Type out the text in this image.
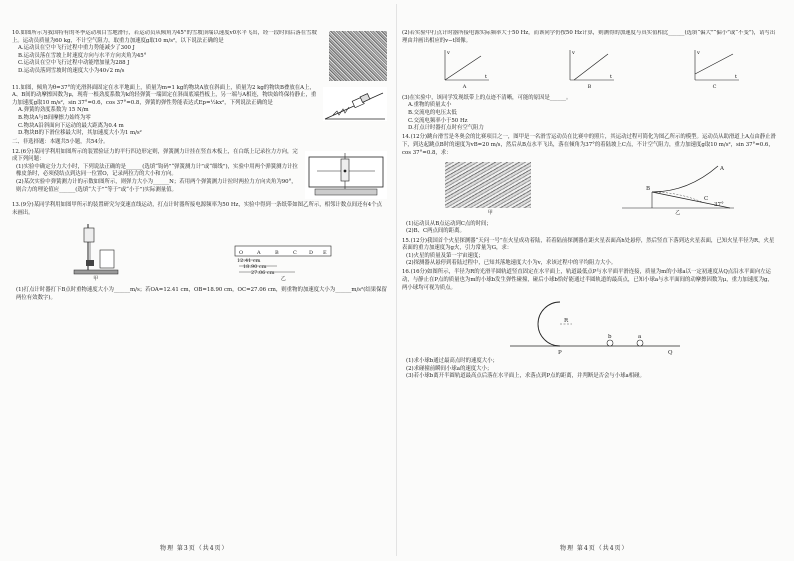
10.如图所示为我国特有的冬季运动项目雪地滑行，若运动员从倾角为45°的雪坡顶端以速度v0水平飞出，经一段时间后落在雪坡上。运动员质量为60 kg，不计空气阻力，取重力加速度g取10 m/s²，以下说法正确的是

A.运动员在空中飞行过程中重力势能减少了300 J
B.运动员落在雪坡上时速度方向与水平方向夹角为45°
C.运动员在空中飞行过程中动能增加量为288 J
D.运动员落到雪坡时的速度大小为40√2 m/s

11.如图，倾角为θ=37°的光滑斜面固定在水平地面上，质量为m=1 kg的物块A放在斜面上，质量为2 kg的物块B叠放在A上，A、B间的动摩擦因数为μ，现将一根劲度系数为k的轻弹簧一端固定在斜面底端挡板上，另一端与A相连，物块始终保持静止，重力加速度g取10 m/s²，sin 37°=0.6，cos 37°=0.8，弹簧的弹性势能表达式Ep=½kx²，下列说法正确的是

A.弹簧的劲度系数为 15 N/m
B.物块A与B间摩擦力始终为零
C.物块A沿斜面向下运动的最大距离为0.4 m
D.物块B的下滑位移最大时，其加速度大小为1 m/s²

二、非选择题：本题共5小题，共54分。

12.(6分)某同学利用如图所示的装置验证力的平行四边形定则，弹簧测力计挂在竖直木板上，在白纸上记录拉力方向，完成下列问题：

(1)实验中确定分力大小时，下列说法正确的是______(选填“钩码”“弹簧测力计”或“细线”)，实验中用两个弹簧测力计拉橡皮条时，必须使结点到达同一位置O，记录两拉力的大小和方向。
(2)某次实验中弹簧测力计的示数如图所示，则弹力大小为______N；若用两个弹簧测力计拉时两拉力方向夹角为90°，则合力的理论值应______(选填“大于”“等于”或“小于”)实际测量值。

13.(9分)某同学利用如图甲所示的装置研究匀变速直线运动，打点计时器所接电源频率为50 Hz，实验中得到一条纸带如图乙所示，相邻计数点间还有4个点未画出。

甲
O	A	B	C D E
12.41 cm
18.90 cm
27.06 cm
乙
(1)打点计时器打下B点时重物速度大小为______m/s；若OA=12.41 cm，OB=18.90 cm，OC=27.06 cm，则重物的加速度大小为______m/s²(结果保留两位有效数字)。

(2)若实验中打点计时器所接电源实际频率大于50 Hz，而该同学仍按50 Hz计算，则测得的加速度与真实值相比______(选填“偏大”“偏小”或“不变”)，请写出理由并画出相应的v−t图像。

v
t
A
v
t
B
v
t
C

(3)在实验中，该同学发现纸带上的点迹不清晰，可能的原因是______。

A.重物的质量太小
B.交流电的电压太低
C.交流电频率小于50 Hz
D.打点计时器打点时有空气阻力

14.(12分)跳台滑雪是冬奥会的比赛项目之一，图甲是一名滑雪运动员在比赛中的照片，其运动过程可简化为图乙所示的模型。运动员从助滑道上A点由静止滑下，到达起跳点B时的速度为vB=20 m/s，然后从B点水平飞出，落在倾角为37°的着陆坡上C点，不计空气阻力，重力加速度g取10 m/s²，sin 37°=0.6，cos 37°=0.8，求：

甲
A
B
C
37°
乙
(1)运动员从B点运动到C点的时间；
(2)B、C两点间的距离。

15.(12分)我国首个火星探测器“天问一号”在火星成功着陆，若着陆前探测器在距火星表面高h处悬停，然后竖直下落到达火星表面，已知火星半径为R，火星表面的重力加速度为g火，引力常量为G，求：

(1)火星的质量及第一宇宙速度；
(2)探测器从悬停到着陆过程中，已知其落地速度大小为v，求该过程中的平均阻力大小。

16.(16分)如图所示，半径为R的光滑半圆轨道竖直固定在水平面上，轨道最低点P与水平面平滑连接，质量为m的小球a以一定初速度从Q点沿水平面向左运动，与静止在P点的质量也为m的小球b发生弹性碰撞，碰后小球b恰好能通过半圆轨道的最高点，已知小球a与水平面间的动摩擦因数为μ，重力加速度为g，两小球均可视为质点。

R
P	Q
a
b
(1)求小球b通过最高点时的速度大小；
(2)求碰撞前瞬间小球a的速度大小；
(3)若小球b离开半圆轨道最高点后落在水平面上，求落点到P点的距离，并判断是否会与小球a相碰。
物理 第3页（共4页）	物理 第4页（共4页）
